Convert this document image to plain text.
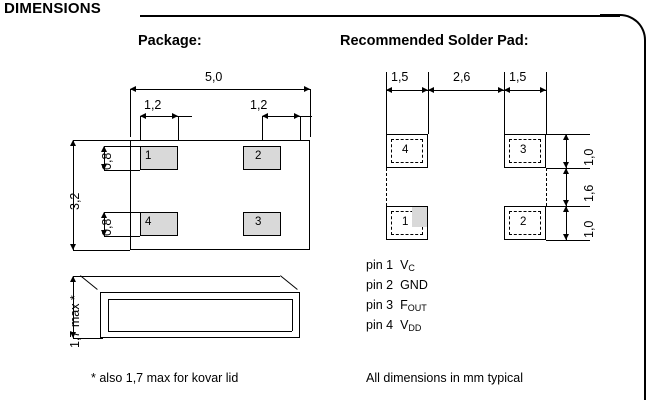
DIMENSIONS
Package:	Recommended Solder Pad:
5,0
1,2	1,2
1	2
4	3
3,2
0,8
0,8
1,7 max *
* also 1,7 max for kovar lid
1,5	2,6	1,5
4	3
1	2
1,0
1,6
1,0
pin 1 $V_C$
pin 2 GND
pin 3 $F_{OUT}$
pin 4 $V_{DD}$
All dimensions in mm typical
